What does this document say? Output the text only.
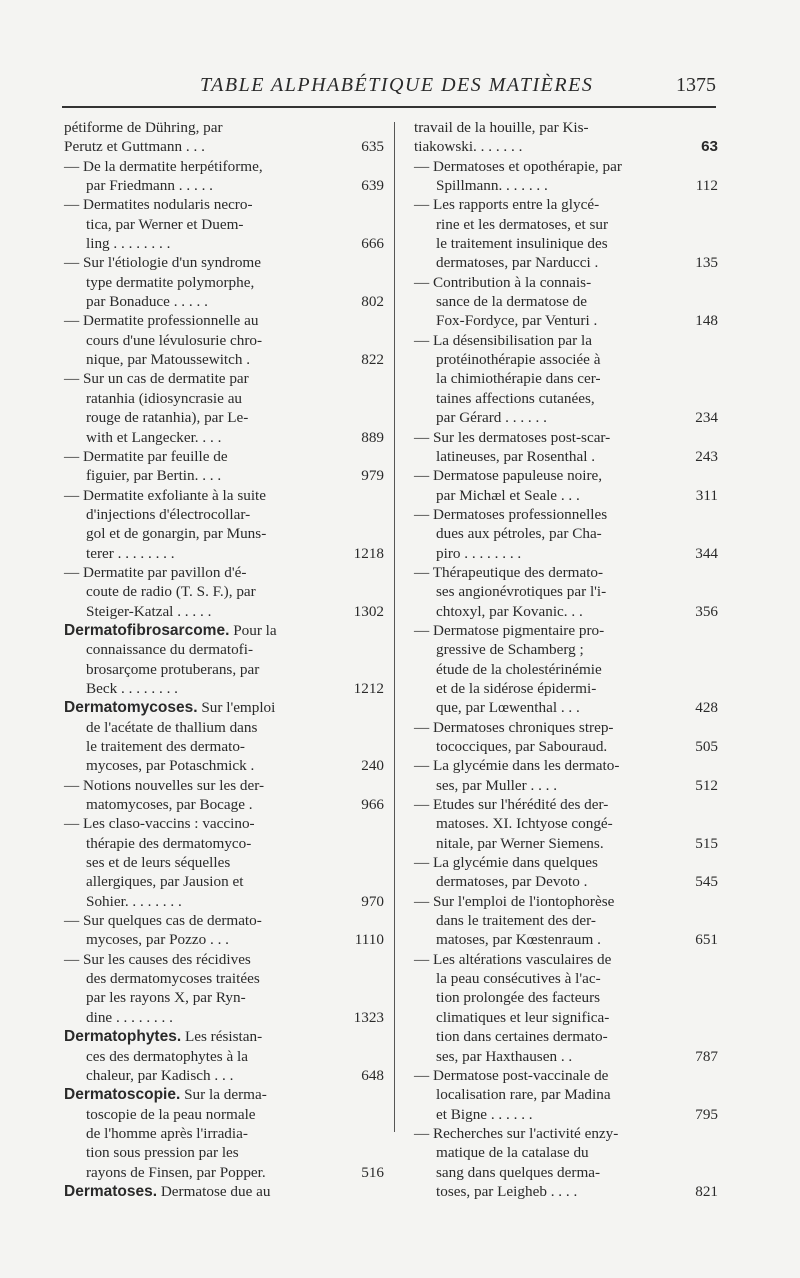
TABLE ALPHABÉTIQUE DES MATIÈRES	1375
pétiforme de Dühring, par
Perutz et Guttmann . . .	635
— De la dermatite herpétiforme,
par Friedmann . . . . .	639
— Dermatites nodularis necro-
tica, par Werner et Duem-
ling . . . . . . . .	666
— Sur l'étiologie d'un syndrome
type dermatite polymorphe,
par Bonaduce . . . . .	802
— Dermatite professionnelle au
cours d'une lévulosurie chro-
nique, par Matoussewitch .	822
— Sur un cas de dermatite par
ratanhia (idiosyncrasie au
rouge de ratanhia), par Le-
with et Langecker. . . .	889
— Dermatite par feuille de
figuier, par Bertin. . . .	979
— Dermatite exfoliante à la suite
d'injections d'électrocollar-
gol et de gonargin, par Muns-
terer . . . . . . . .	1218
— Dermatite par pavillon d'é-
coute de radio (T. S. F.), par
Steiger-Katzal . . . . .	1302
Dermatofibrosarcome. Pour la
connaissance du dermatofi-
brosarçome protuberans, par
Beck . . . . . . . .	1212
Dermatomycoses. Sur l'emploi
de l'acétate de thallium dans
le traitement des dermato-
mycoses, par Potaschmick .	240
— Notions nouvelles sur les der-
matomycoses, par Bocage .	966
— Les claso-vaccins : vaccino-
thérapie des dermatomyco-
ses et de leurs séquelles
allergiques, par Jausion et
Sohier. . . . . . . .	970
— Sur quelques cas de dermato-
mycoses, par Pozzo . . .	1110
— Sur les causes des récidives
des dermatomycoses traitées
par les rayons X, par Ryn-
dine . . . . . . . .	1323
Dermatophytes. Les résistan-
ces des dermatophytes à la
chaleur, par Kadisch . . .	648
Dermatoscopie. Sur la derma-
toscopie de la peau normale
de l'homme après l'irradia-
tion sous pression par les
rayons de Finsen, par Popper.	516
Dermatoses. Dermatose due au
travail de la houille, par Kis-
tiakowski. . . . . . .	63
— Dermatoses et opothérapie, par
Spillmann. . . . . . .	112
— Les rapports entre la glycé-
rine et les dermatoses, et sur
le traitement insulinique des
dermatoses, par Narducci .	135
— Contribution à la connais-
sance de la dermatose de
Fox-Fordyce, par Venturi .	148
— La désensibilisation par la
protéinothérapie associée à
la chimiothérapie dans cer-
taines affections cutanées,
par Gérard . . . . . .	234
— Sur les dermatoses post-scar-
latineuses, par Rosenthal .	243
— Dermatose papuleuse noire,
par Michæl et Seale . . .	311
— Dermatoses professionnelles
dues aux pétroles, par Cha-
piro . . . . . . . .	344
— Thérapeutique des dermato-
ses angionévrotiques par l'i-
chtoxyl, par Kovanic. . .	356
— Dermatose pigmentaire pro-
gressive de Schamberg ;
étude de la cholestérinémie
et de la sidérose épidermi-
que, par Lœwenthal . . .	428
— Dermatoses chroniques strep-
tococciques, par Sabouraud.	505
— La glycémie dans les dermato-
ses, par Muller . . . .	512
— Etudes sur l'hérédité des der-
matoses. XI. Ichtyose congé-
nitale, par Werner Siemens.	515
— La glycémie dans quelques
dermatoses, par Devoto .	545
— Sur l'emploi de l'iontophorèse
dans le traitement des der-
matoses, par Kœstenraum .	651
— Les altérations vasculaires de
la peau consécutives à l'ac-
tion prolongée des facteurs
climatiques et leur significa-
tion dans certaines dermato-
ses, par Haxthausen . .	787
— Dermatose post-vaccinale de
localisation rare, par Madina
et Bigne . . . . . .	795
— Recherches sur l'activité enzy-
matique de la catalase du
sang dans quelques derma-
toses, par Leigheb . . . .	821
